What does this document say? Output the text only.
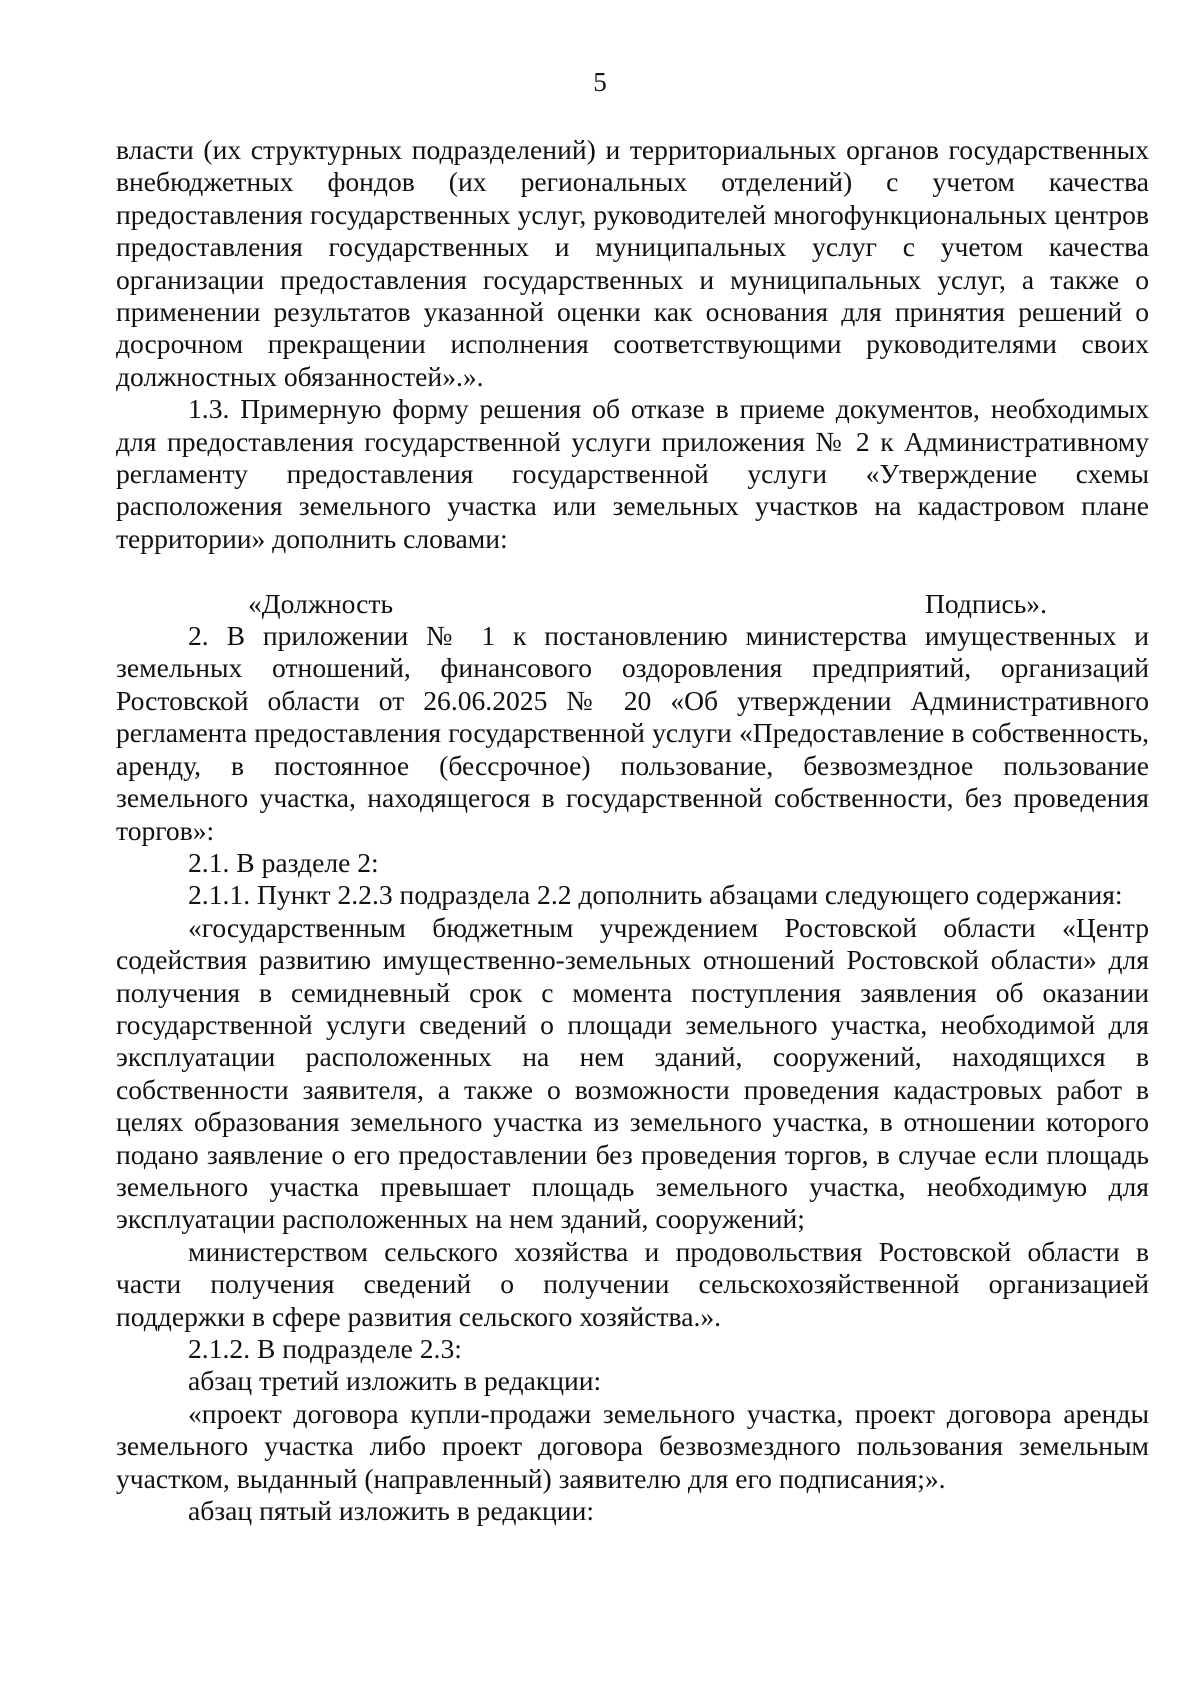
5

власти (их структурных подразделений) и территориальных органов государственных внебюджетных фондов (их региональных отделений) с учетом качества предоставления государственных услуг, руководителей многофункциональных центров предоставления государственных и муниципальных услуг с учетом качества организации предоставления государственных и муниципальных услуг, а также о применении результатов указанной оценки как основания для принятия решений о досрочном прекращении исполнения соответствующими руководителями своих должностных обязанностей».».

1.3. Примерную форму решения об отказе в приеме документов, необходимых для предоставления государственной услуги приложения № 2 к Административному регламенту предоставления государственной услуги «Утверждение схемы расположения земельного участка или земельных участков на кадастровом плане территории» дополнить словами:

«Должность	Подпись».

2. В приложении № 1 к постановлению министерства имущественных и земельных отношений, финансового оздоровления предприятий, организаций Ростовской области от 26.06.2025 № 20 «Об утверждении Административного регламента предоставления государственной услуги «Предоставление в собственность, аренду, в постоянное (бессрочное) пользование, безвозмездное пользование земельного участка, находящегося в государственной собственности, без проведения торгов»:

2.1. В разделе 2:

2.1.1. Пункт 2.2.3 подраздела 2.2 дополнить абзацами следующего содержания:

«государственным бюджетным учреждением Ростовской области «Центр содействия развитию имущественно-земельных отношений Ростовской области» для получения в семидневный срок с момента поступления заявления об оказании государственной услуги сведений о площади земельного участка, необходимой для эксплуатации расположенных на нем зданий, сооружений, находящихся в собственности заявителя, а также о возможности проведения кадастровых работ в целях образования земельного участка из земельного участка, в отношении которого подано заявление о его предоставлении без проведения торгов, в случае если площадь земельного участка превышает площадь земельного участка, необходимую для эксплуатации расположенных на нем зданий, сооружений;

министерством сельского хозяйства и продовольствия Ростовской области в части получения сведений о получении сельскохозяйственной организацией поддержки в сфере развития сельского хозяйства.».

2.1.2. В подразделе 2.3:

абзац третий изложить в редакции:

«проект договора купли-продажи земельного участка, проект договора аренды земельного участка либо проект договора безвозмездного пользования земельным участком, выданный (направленный) заявителю для его подписания;».

абзац пятый изложить в редакции:
